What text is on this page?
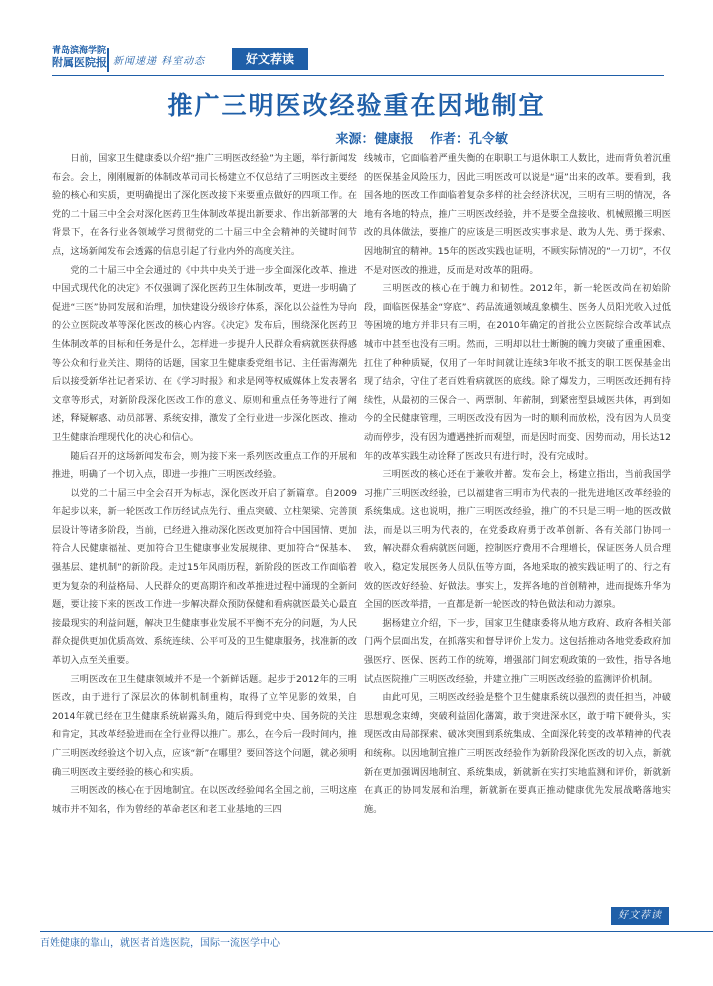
青岛滨海学院
附属医院报 新闻速递 科室动态	好文荐读
推广三明医改经验重在因地制宜
来源：健康报 作者：孔令敏

日前，国家卫生健康委以介绍“推广三明医改经验”为主题，举行新闻发布会。会上，刚刚履新的体制改革司司长杨建立不仅总结了三明医改主要经验的核心和实质，更明确提出了深化医改接下来要重点做好的四项工作。在党的二十届三中全会对深化医药卫生体制改革提出新要求、作出新部署的大背景下，在各行业各领域学习贯彻党的二十届三中全会精神的关键时间节点，这场新闻发布会透露的信息引起了行业内外的高度关注。

党的二十届三中全会通过的《中共中央关于进一步全面深化改革、推进中国式现代化的决定》不仅强调了深化医药卫生体制改革，更进一步明确了促进“三医”协同发展和治理，加快建设分级诊疗体系，深化以公益性为导向的公立医院改革等深化医改的核心内容。《决定》发布后，围绕深化医药卫生体制改革的目标和任务是什么，怎样进一步提升人民群众看病就医获得感等公众和行业关注、期待的话题，国家卫生健康委党组书记、主任雷海潮先后以接受新华社记者采访、在《学习时报》和求是网等权威媒体上发表署名文章等形式，对新阶段深化医改工作的意义、原则和重点任务等进行了阐述，释疑解惑、动员部署、系统安排，激发了全行业进一步深化医改、推动卫生健康治理现代化的决心和信心。

随后召开的这场新闻发布会，则为接下来一系列医改重点工作的开展和推进，明确了一个切入点，即进一步推广三明医改经验。

以党的二十届三中全会召开为标志，深化医改开启了新篇章。自2009年起步以来，新一轮医改工作历经试点先行、重点突破、立柱架梁、完善顶层设计等诸多阶段，当前，已经进入推动深化医改更加符合中国国情、更加符合人民健康福祉、更加符合卫生健康事业发展规律、更加符合“保基本、强基层、建机制”的新阶段。走过15年风雨历程，新阶段的医改工作面临着更为复杂的利益格局、人民群众的更高期许和改革推进过程中涌现的全新问题，要让接下来的医改工作进一步解决群众预防保健和看病就医最关心最直接最现实的利益问题，解决卫生健康事业发展不平衡不充分的问题，为人民群众提供更加优质高效、系统连续、公平可及的卫生健康服务，找准新的改革切入点至关重要。

三明医改在卫生健康领域并不是一个新鲜话题。起步于2012年的三明医改，由于进行了深层次的体制机制重构，取得了立竿见影的效果，自2014年就已经在卫生健康系统崭露头角，随后得到党中央、国务院的关注和肯定，其改革经验进而在全行业得以推广。那么，在今后一段时间内，推广三明医改经验这个切入点，应该“新”在哪里？要回答这个问题，就必须明确三明医改主要经验的核心和实质。

三明医改的核心在于因地制宜。在以医改经验闻名全国之前，三明这座城市并不知名，作为曾经的革命老区和老工业基地的三四

线城市，它面临着严重失衡的在职职工与退休职工人数比，进而背负着沉重的医保基金风险压力，因此三明医改可以说是“逼”出来的改革。要看到，我国各地的医改工作面临着复杂多样的社会经济状况，三明有三明的情况，各地有各地的特点，推广三明医改经验，并不是要全盘接收、机械照搬三明医改的具体做法，要推广的应该是三明医改实事求是、敢为人先、勇于探索、因地制宜的精神。15年的医改实践也证明，不顾实际情况的“一刀切”，不仅不是对医改的推进，反而是对改革的阻碍。

三明医改的核心在于魄力和韧性。2012年，新一轮医改尚在初始阶段，面临医保基金“穿底”、药品流通领域乱象横生、医务人员阳光收入过低等困境的地方并非只有三明，在2010年确定的首批公立医院综合改革试点城市中甚至也没有三明。然而，三明却以壮士断腕的魄力突破了重重困难、扛住了种种质疑，仅用了一年时间就让连续3年收不抵支的职工医保基金出现了结余，守住了老百姓看病就医的底线。除了爆发力，三明医改还拥有持续性，从最初的三保合一、两票制、年薪制，到紧密型县域医共体，再到如今的全民健康管理，三明医改没有因为一时的顺利而放松，没有因为人员变动而停步，没有因为遭遇挫折而观望，而是因时而变、因势而动，用长达12年的改革实践生动诠释了医改只有进行时，没有完成时。

三明医改的核心还在于兼收并蓄。发布会上，杨建立指出，当前我国学习推广三明医改经验，已以福建省三明市为代表的一批先进地区改革经验的系统集成。这也说明，推广三明医改经验，推广的不只是三明一地的医改做法，而是以三明为代表的，在党委政府勇于改革创新、各有关部门协同一致，解决群众看病就医问题，控制医疗费用不合理增长，保证医务人员合理收入，稳定发展医务人员队伍等方面，各地采取的被实践证明了的、行之有效的医改好经验、好做法。事实上，发挥各地的首创精神，进而提炼升华为全国的医改举措，一直都是新一轮医改的特色做法和动力源泉。

据杨建立介绍，下一步，国家卫生健康委将从地方政府、政府各相关部门两个层面出发，在抓落实和督导评价上发力。这包括推动各地党委政府加强医疗、医保、医药工作的统筹，增强部门间宏观政策的一致性，指导各地试点医院推广三明医改经验，并建立推广三明医改经验的监测评价机制。

由此可见，三明医改经验是整个卫生健康系统以强烈的责任担当，冲破思想观念束缚，突破利益固化藩篱，敢于突进深水区，敢于啃下硬骨头，实现医改由局部探索、破冰突围到系统集成、全面深化转变的改革精神的代表和统称。以因地制宜推广三明医改经验作为新阶段深化医改的切入点，新就新在更加强调因地制宜、系统集成，新就新在实打实地监测和评价，新就新在真正的协同发展和治理，新就新在要真正推动健康优先发展战略落地实施。

好文荐读
百姓健康的靠山，就医者首选医院，国际一流医学中心
